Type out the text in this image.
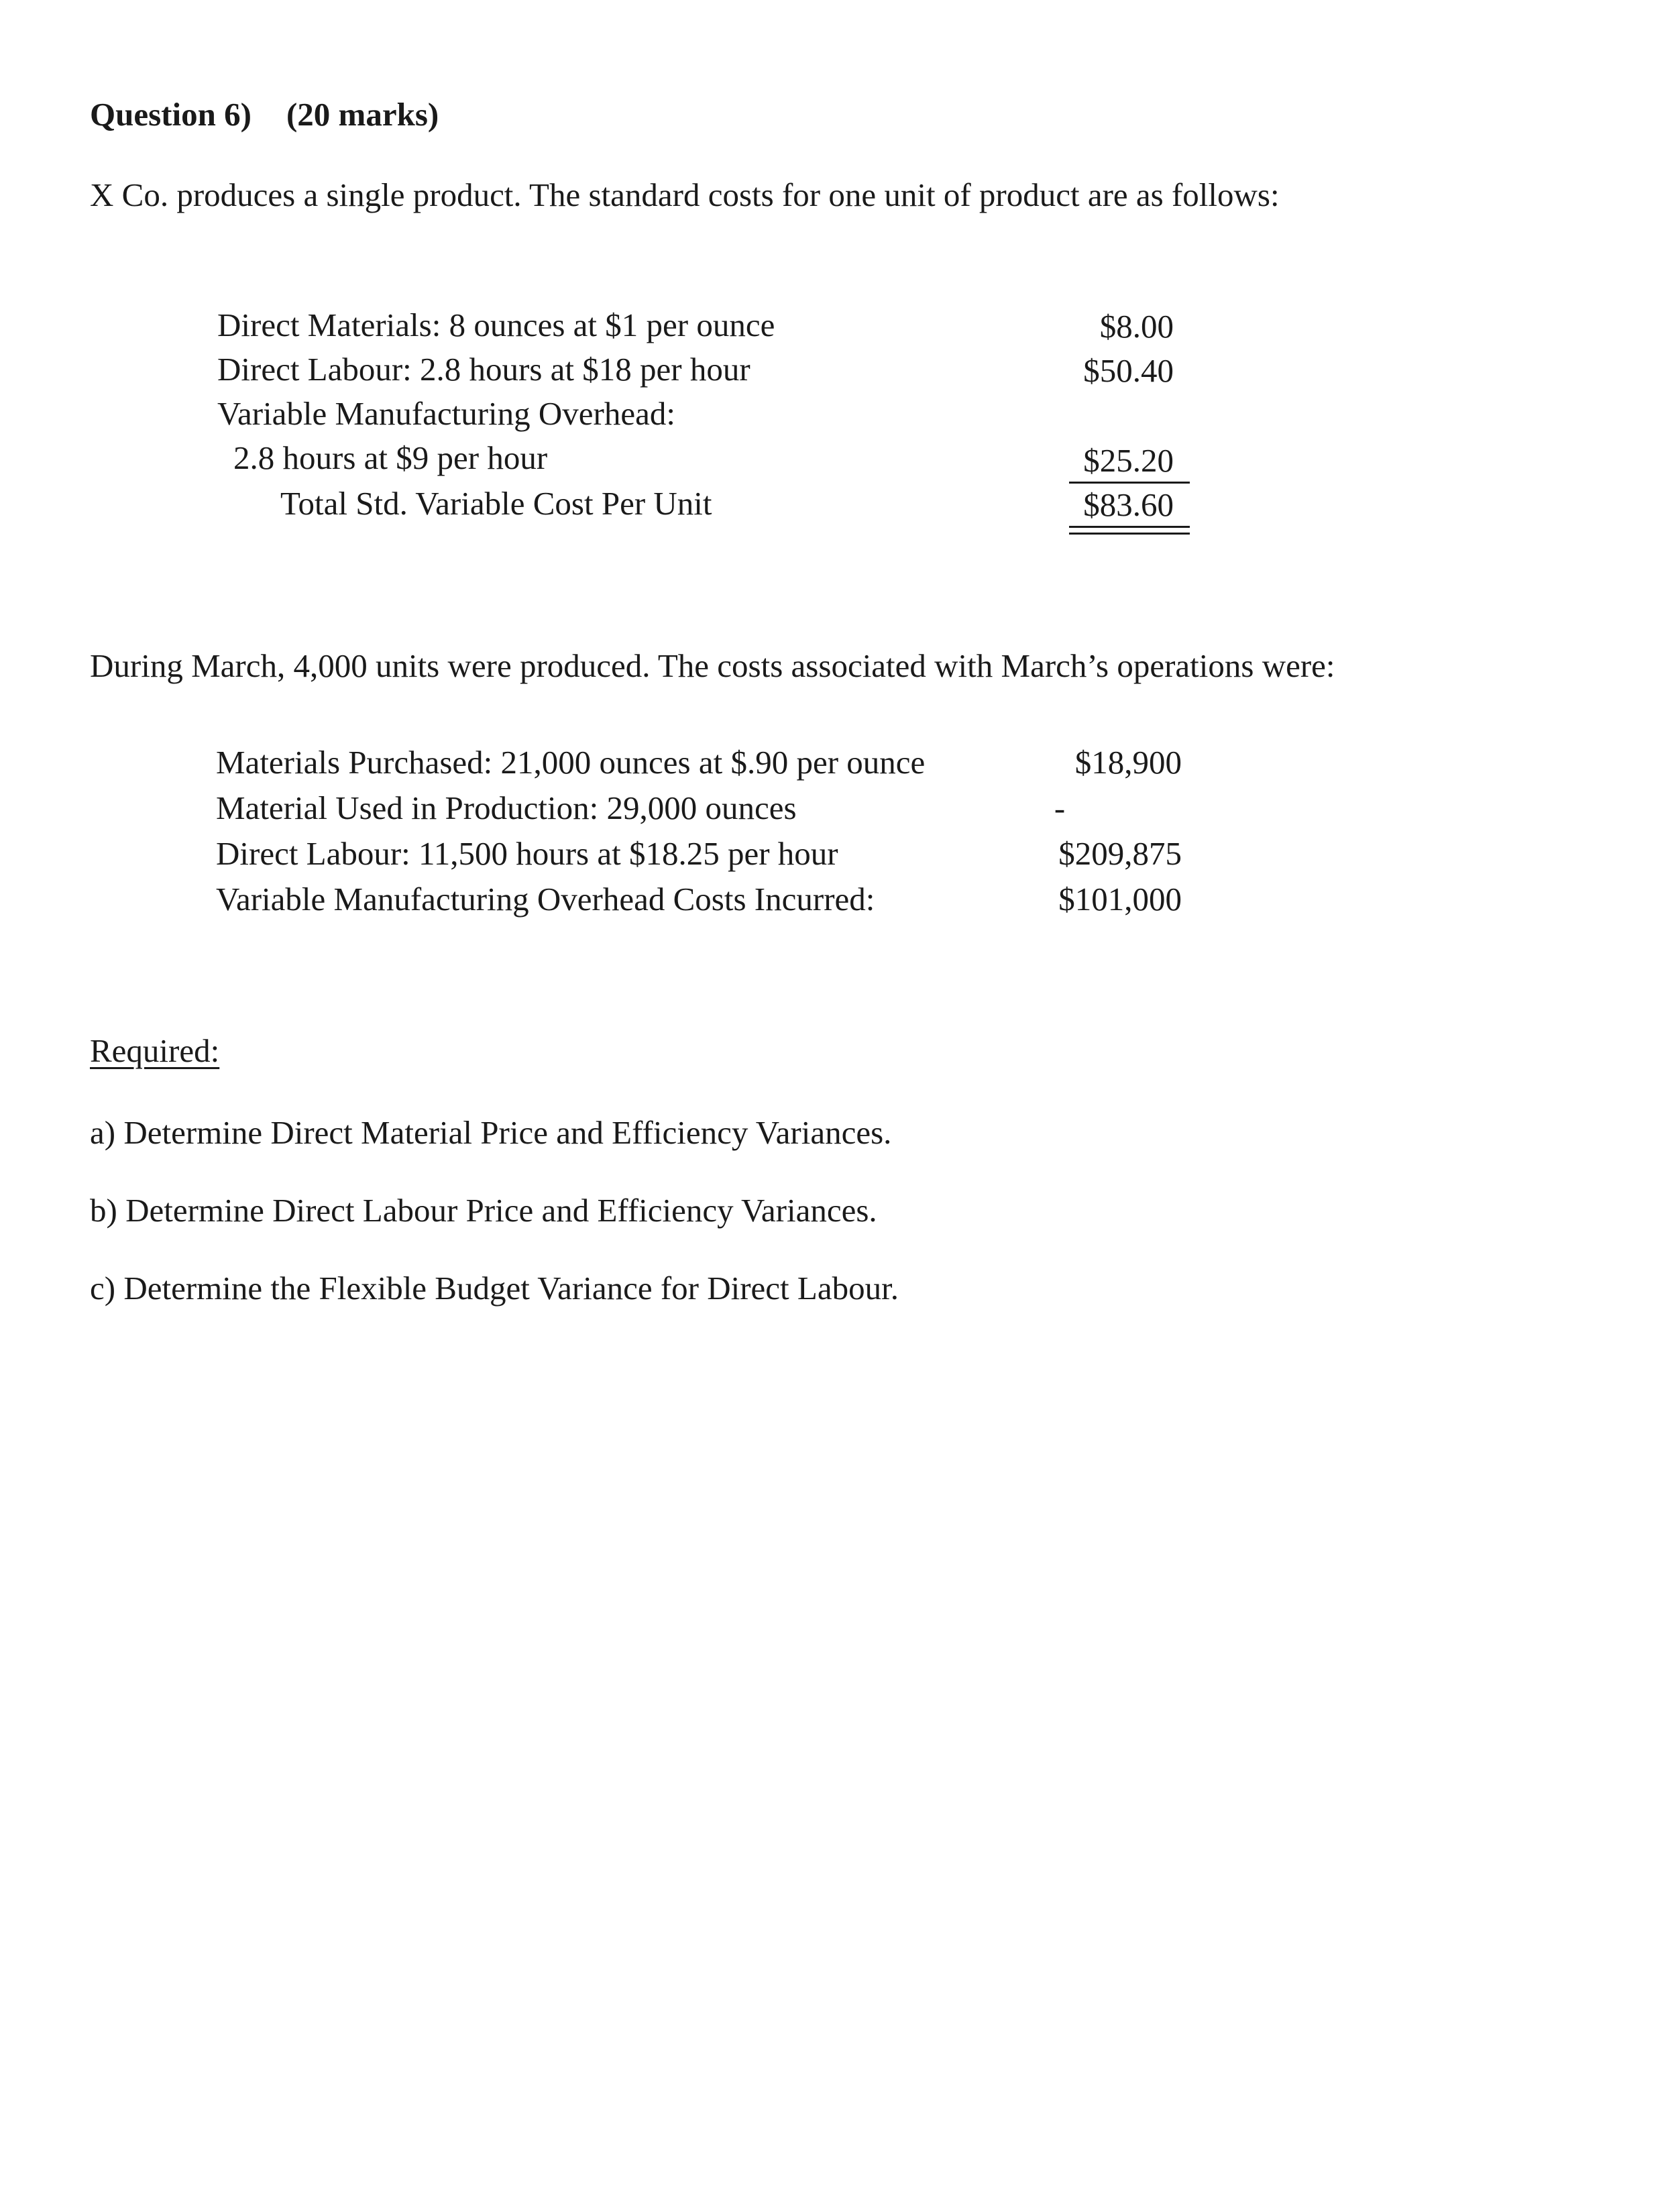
Question 6) (20 marks)
X Co. produces a single product. The standard costs for one unit of product are as follows:
Direct Materials: 8 ounces at $1 per ounce	$8.00
Direct Labour: 2.8 hours at $18 per hour	$50.40
Variable Manufacturing Overhead:
2.8 hours at $9 per hour	$25.20
Total Std. Variable Cost Per Unit	$83.60
During March, 4,000 units were produced. The costs associated with March’s operations were:
Materials Purchased: 21,000 ounces at $.90 per ounce	$18,900
Material Used in Production: 29,000 ounces	-
Direct Labour: 11,500 hours at $18.25 per hour	$209,875
Variable Manufacturing Overhead Costs Incurred:	$101,000
Required:
a) Determine Direct Material Price and Efficiency Variances.
b) Determine Direct Labour Price and Efficiency Variances.
c) Determine the Flexible Budget Variance for Direct Labour.
